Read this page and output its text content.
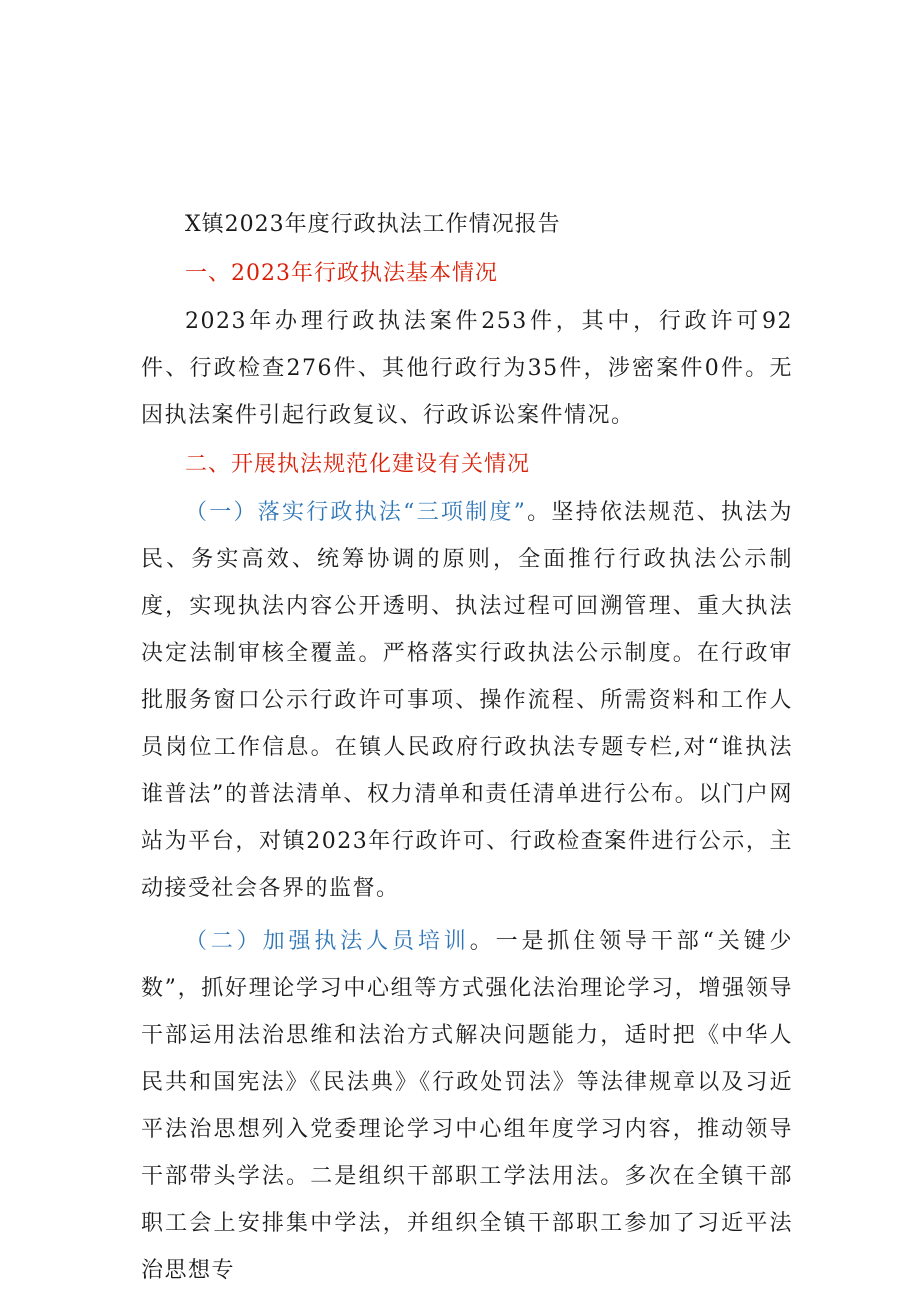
X镇2023年度行政执法工作情况报告
一、2023年行政执法基本情况

2023年办理行政执法案件253件，其中，行政许可92件、行政检查276件、其他行政行为35件，涉密案件0件。无因执法案件引起行政复议、行政诉讼案件情况。

二、开展执法规范化建设有关情况

（一）落实行政执法“三项制度”。坚持依法规范、执法为民、务实高效、统筹协调的原则，全面推行行政执法公示制度，实现执法内容公开透明、执法过程可回溯管理、重大执法决定法制审核全覆盖。严格落实行政执法公示制度。在行政审批服务窗口公示行政许可事项、操作流程、所需资料和工作人员岗位工作信息。在镇人民政府行政执法专题专栏,对“谁执法谁普法”的普法清单、权力清单和责任清单进行公布。以门户网站为平台，对镇2023年行政许可、行政检查案件进行公示，主动接受社会各界的监督。

（二）加强执法人员培训。一是抓住领导干部“关键少数”，抓好理论学习中心组等方式强化法治理论学习，增强领导干部运用法治思维和法治方式解决问题能力，适时把《中华人民共和国宪法》《民法典》《行政处罚法》等法律规章以及习近平法治思想列入党委理论学习中心组年度学习内容，推动领导干部带头学法。二是组织干部职工学法用法。多次在全镇干部职工会上安排集中学法，并组织全镇干部职工参加了习近平法治思想专
